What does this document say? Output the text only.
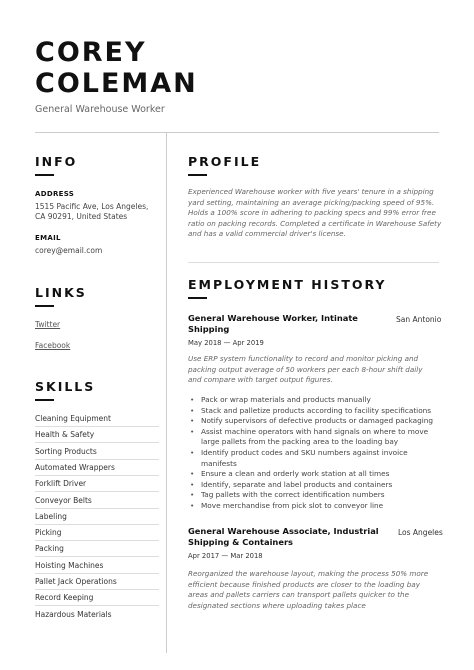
COREY
COLEMAN
General Warehouse Worker
INFO
ADDRESS
1515 Pacific Ave, Los Angeles,
CA 90291, United States
EMAIL
corey@email.com
LINKS
Twitter
Facebook
SKILLS
Cleaning Equipment
Health & Safety
Sorting Products
Automated Wrappers
Forklift Driver
Conveyor Belts
Labeling
Picking
Packing
Hoisting Machines
Pallet Jack Operations
Record Keeping
Hazardous Materials
PROFILE
Experienced Warehouse worker with five years' tenure in a shipping
yard setting, maintaining an average picking/packing speed of 95%.
Holds a 100% score in adhering to packing specs and 99% error free
ratio on packing records. Completed a certificate in Warehouse Safety
and has a valid commercial driver's license.
EMPLOYMENT HISTORY
General Warehouse Worker, Intinate
Shipping
San Antonio
May 2018 — Apr 2019
Use ERP system functionality to record and monitor picking and
packing output average of 50 workers per each 8-hour shift daily
and compare with target output figures.
• Pack or wrap materials and products manually
• Stack and palletize products according to facility specifications
• Notify supervisors of defective products or damaged packaging
• Assist machine operators with hand signals on where to move
large pallets from the packing area to the loading bay
• Identify product codes and SKU numbers against invoice
manifests
• Ensure a clean and orderly work station at all times
• Identify, separate and label products and containers
• Tag pallets with the correct identification numbers
• Move merchandise from pick slot to conveyor line
General Warehouse Associate, Industrial
Shipping & Containers
Los Angeles
Apr 2017 — Mar 2018
Reorganized the warehouse layout, making the process 50% more
efficient because finished products are closer to the loading bay
areas and pallets carriers can transport pallets quicker to the
designated sections where uploading takes place
